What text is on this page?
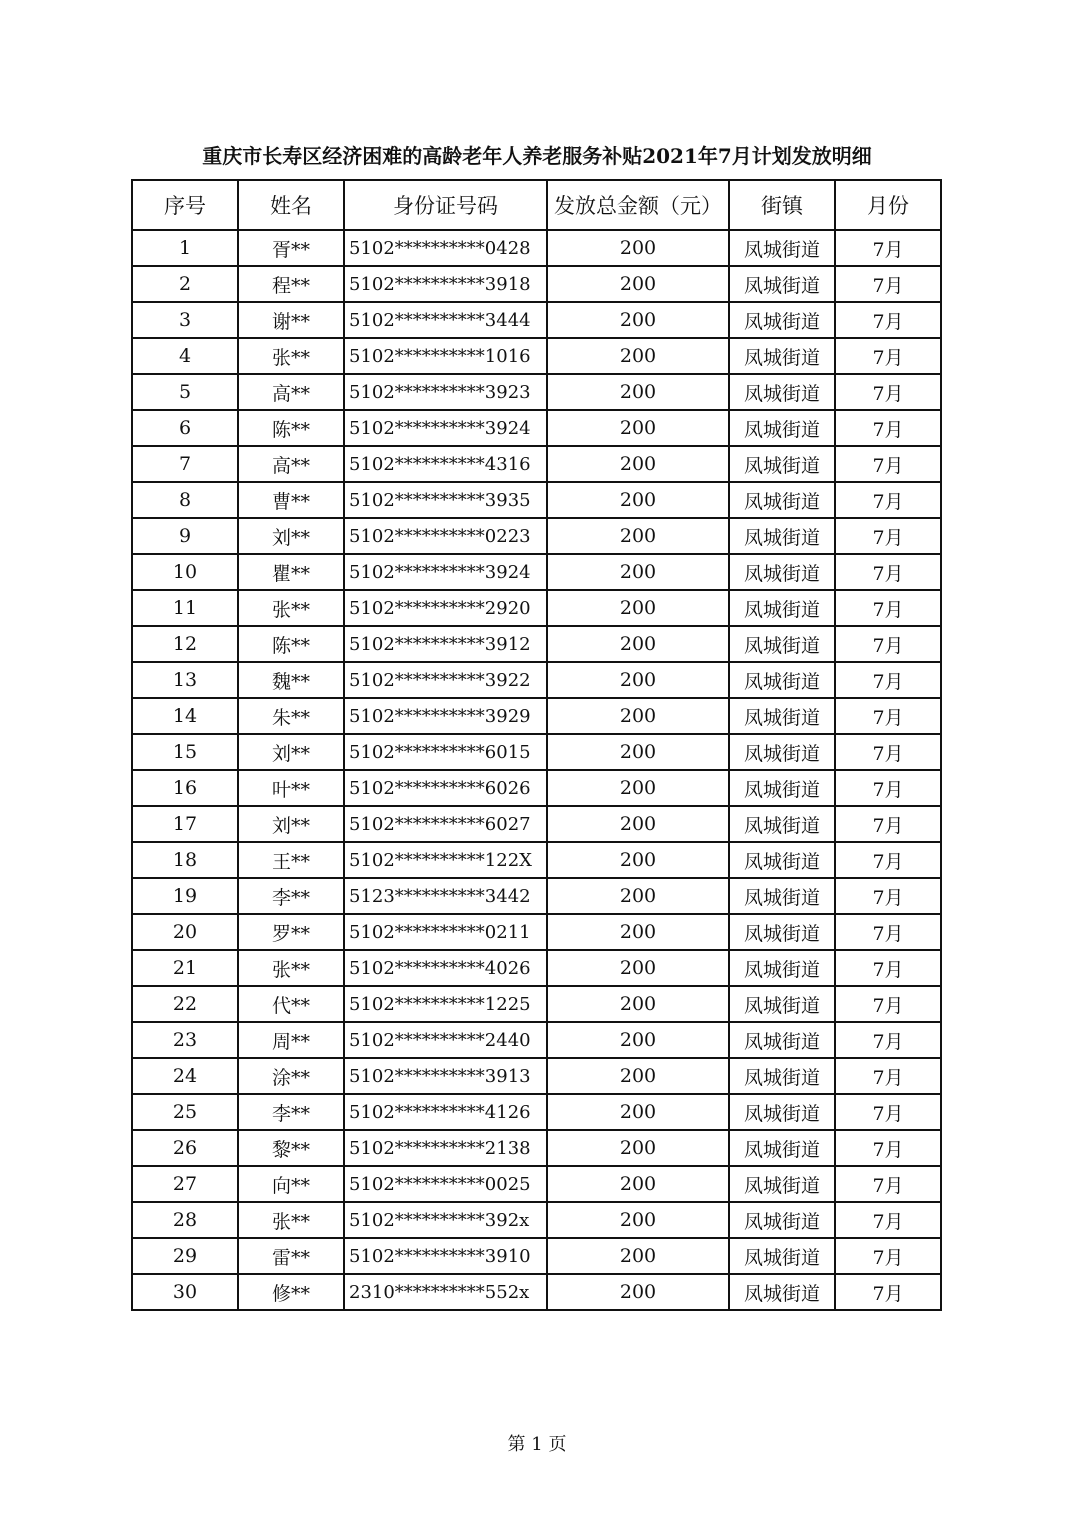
重庆市长寿区经济困难的高龄老年人养老服务补贴2021年7月计划发放明细
序号	姓名	身份证号码	发放总金额（元）	街镇	月份
1	胥**	5102**********0428	200	凤城街道	7月
2	程**	5102**********3918	200	凤城街道	7月
3	谢**	5102**********3444	200	凤城街道	7月
4	张**	5102**********1016	200	凤城街道	7月
5	高**	5102**********3923	200	凤城街道	7月
6	陈**	5102**********3924	200	凤城街道	7月
7	高**	5102**********4316	200	凤城街道	7月
8	曹**	5102**********3935	200	凤城街道	7月
9	刘**	5102**********0223	200	凤城街道	7月
10	瞿**	5102**********3924	200	凤城街道	7月
11	张**	5102**********2920	200	凤城街道	7月
12	陈**	5102**********3912	200	凤城街道	7月
13	魏**	5102**********3922	200	凤城街道	7月
14	朱**	5102**********3929	200	凤城街道	7月
15	刘**	5102**********6015	200	凤城街道	7月
16	叶**	5102**********6026	200	凤城街道	7月
17	刘**	5102**********6027	200	凤城街道	7月
18	王**	5102**********122X	200	凤城街道	7月
19	李**	5123**********3442	200	凤城街道	7月
20	罗**	5102**********0211	200	凤城街道	7月
21	张**	5102**********4026	200	凤城街道	7月
22	代**	5102**********1225	200	凤城街道	7月
23	周**	5102**********2440	200	凤城街道	7月
24	涂**	5102**********3913	200	凤城街道	7月
25	李**	5102**********4126	200	凤城街道	7月
26	黎**	5102**********2138	200	凤城街道	7月
27	向**	5102**********0025	200	凤城街道	7月
28	张**	5102**********392x	200	凤城街道	7月
29	雷**	5102**********3910	200	凤城街道	7月
30	修**	2310**********552x	200	凤城街道	7月
第 1 页
